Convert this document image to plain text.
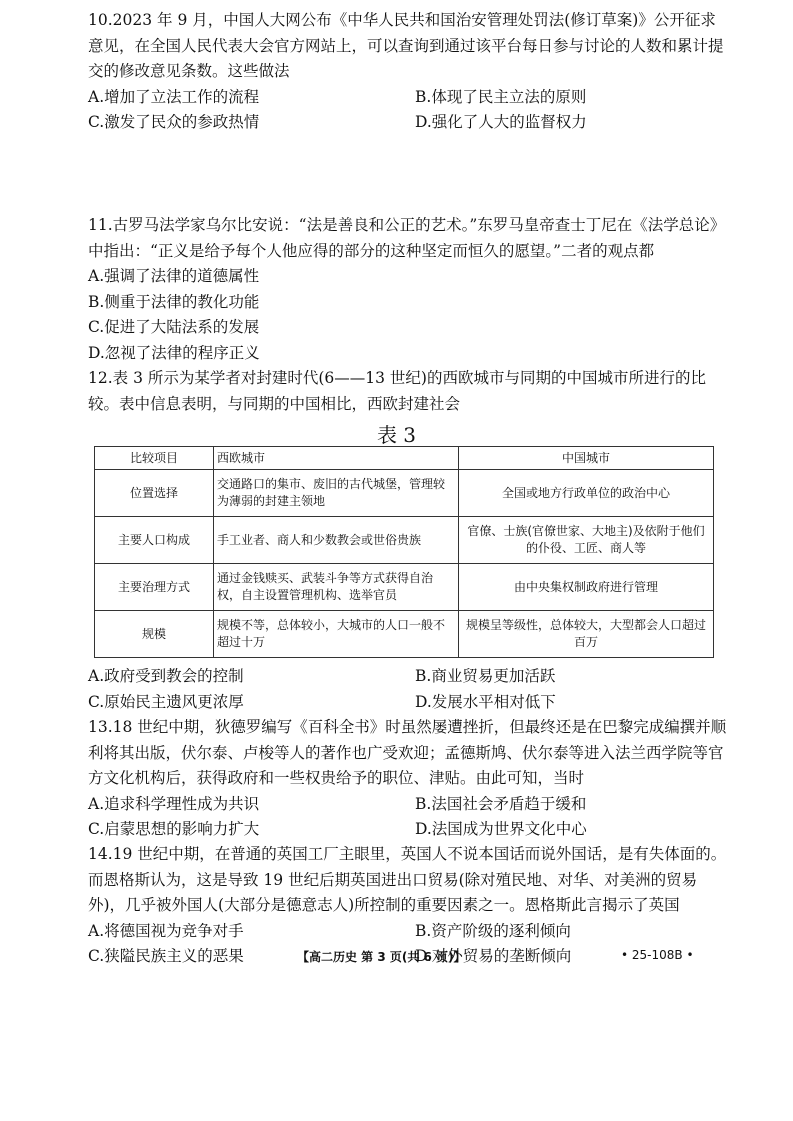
10.2023 年 9 月，中国人大网公布《中华人民共和国治安管理处罚法(修订草案)》公开征求意见，在全国人民代表大会官方网站上，可以查询到通过该平台每日参与讨论的人数和累计提交的修改意见条数。这些做法
A.增加了立法工作的流程	B.体现了民主立法的原则
C.激发了民众的参政热情	D.强化了人大的监督权力
11.古罗马法学家乌尔比安说：“法是善良和公正的艺术。”东罗马皇帝查士丁尼在《法学总论》中指出：“正义是给予每个人他应得的部分的这种坚定而恒久的愿望。”二者的观点都
A.强调了法律的道德属性
B.侧重于法律的教化功能
C.促进了大陆法系的发展
D.忽视了法律的程序正义
12.表 3 所示为某学者对封建时代(6——13 世纪)的西欧城市与同期的中国城市所进行的比较。表中信息表明，与同期的中国相比，西欧封建社会
表 3
比较项目	西欧城市	中国城市
位置选择	交通路口的集市、废旧的古代城堡，管理较为薄弱的封建主领地	全国或地方行政单位的政治中心
主要人口构成	手工业者、商人和少数教会或世俗贵族	官僚、士族(官僚世家、大地主)及依附于他们的仆役、工匠、商人等
主要治理方式	通过金钱赎买、武装斗争等方式获得自治权，自主设置管理机构、选举官员	由中央集权制政府进行管理
规模	规模不等，总体较小，大城市的人口一般不超过十万	规模呈等级性，总体较大，大型都会人口超过百万
A.政府受到教会的控制	B.商业贸易更加活跃
C.原始民主遗风更浓厚	D.发展水平相对低下
13.18 世纪中期，狄德罗编写《百科全书》时虽然屡遭挫折，但最终还是在巴黎完成编撰并顺利将其出版，伏尔泰、卢梭等人的著作也广受欢迎；孟德斯鸠、伏尔泰等进入法兰西学院等官方文化机构后，获得政府和一些权贵给予的职位、津贴。由此可知，当时
A.追求科学理性成为共识	B.法国社会矛盾趋于缓和
C.启蒙思想的影响力扩大	D.法国成为世界文化中心
14.19 世纪中期，在普通的英国工厂主眼里，英国人不说本国话而说外国话，是有失体面的。而恩格斯认为，这是导致 19 世纪后期英国进出口贸易(除对殖民地、对华、对美洲的贸易外)，几乎被外国人(大部分是德意志人)所控制的重要因素之一。恩格斯此言揭示了英国
A.将德国视为竞争对手	B.资产阶级的逐利倾向
C.狭隘民族主义的恶果	D.对外贸易的垄断倾向
【高二历史 第 3 页(共 6 页)】	• 25-108B •
